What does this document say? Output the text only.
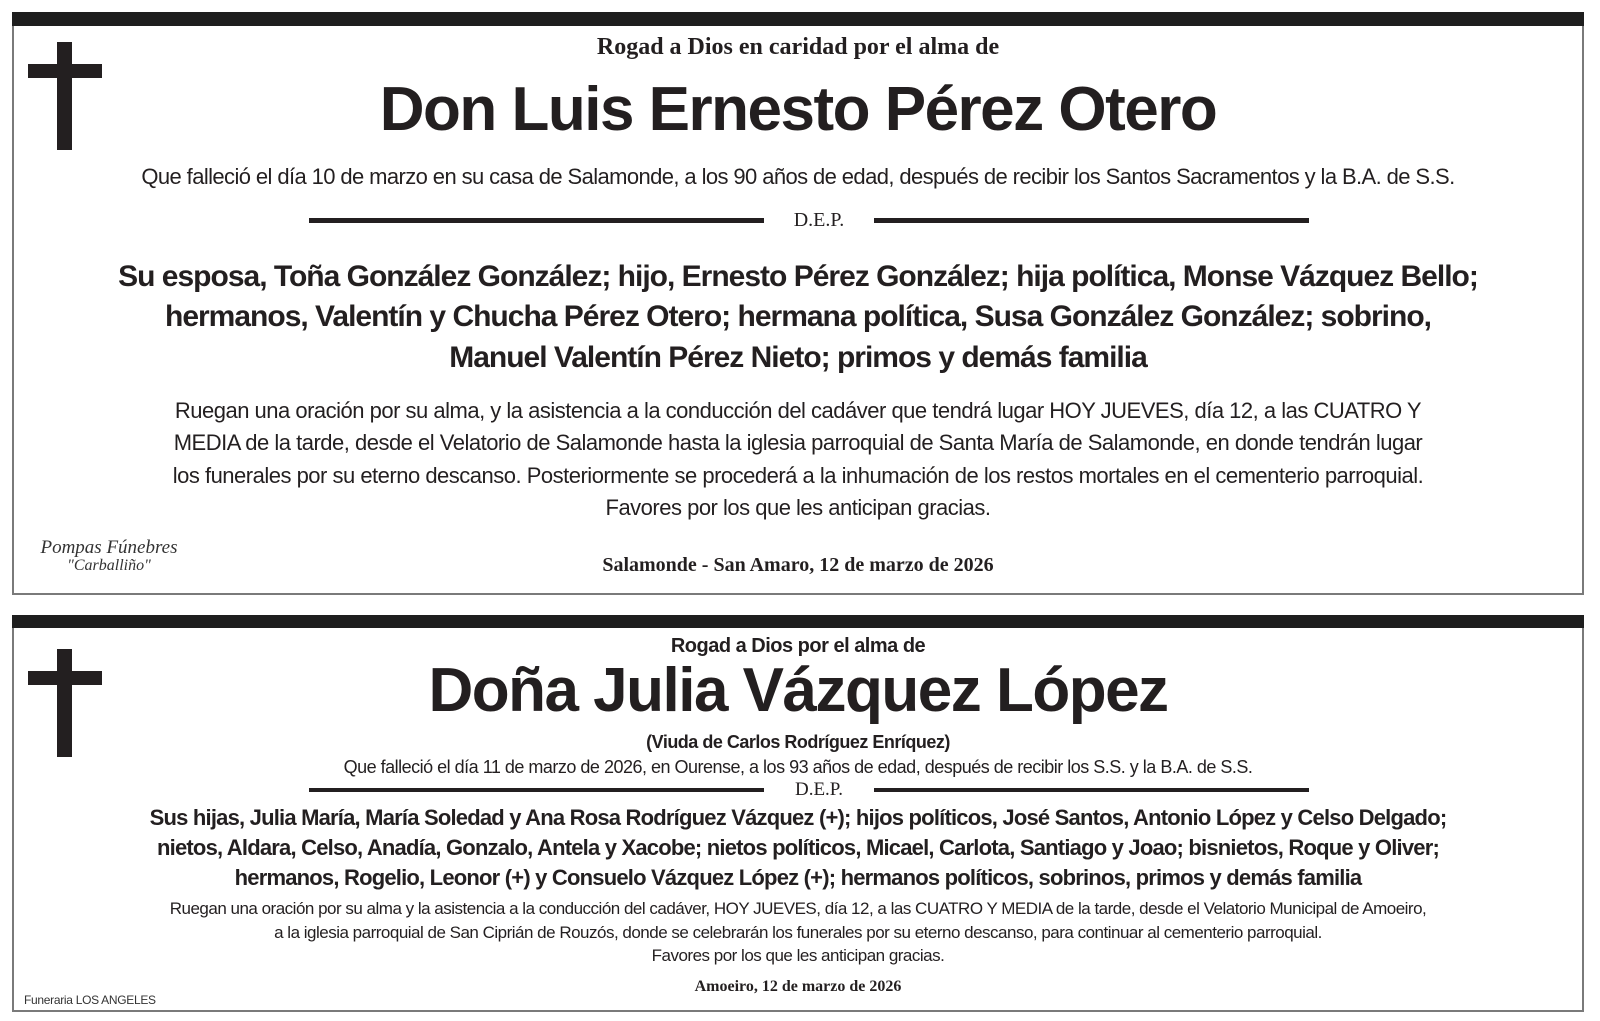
Rogad a Dios en caridad por el alma de
Don Luis Ernesto Pérez Otero
Que falleció el día 10 de marzo en su casa de Salamonde, a los 90 años de edad, después de recibir los Santos Sacramentos y la B.A. de S.S.
D.E.P.
Su esposa, Toña González González; hijo, Ernesto Pérez González; hija política, Monse Vázquez Bello;
hermanos, Valentín y Chucha Pérez Otero; hermana política, Susa González González; sobrino,
Manuel Valentín Pérez Nieto; primos y demás familia
Ruegan una oración por su alma, y la asistencia a la conducción del cadáver que tendrá lugar HOY JUEVES, día 12, a las CUATRO Y
MEDIA de la tarde, desde el Velatorio de Salamonde hasta la iglesia parroquial de Santa María de Salamonde, en donde tendrán lugar
los funerales por su eterno descanso. Posteriormente se procederá a la inhumación de los restos mortales en el cementerio parroquial.
Favores por los que les anticipan gracias.
Salamonde - San Amaro, 12 de marzo de 2026
Pompas Fúnebres
"Carballiño"
Rogad a Dios por el alma de
Doña Julia Vázquez López
(Viuda de Carlos Rodríguez Enríquez)
Que falleció el día 11 de marzo de 2026, en Ourense, a los 93 años de edad, después de recibir los S.S. y la B.A. de S.S.
D.E.P.
Sus hijas, Julia María, María Soledad y Ana Rosa Rodríguez Vázquez (+); hijos políticos, José Santos, Antonio López y Celso Delgado;
nietos, Aldara, Celso, Anadía, Gonzalo, Antela y Xacobe; nietos políticos, Micael, Carlota, Santiago y Joao; bisnietos, Roque y Oliver;
hermanos, Rogelio, Leonor (+) y Consuelo Vázquez López (+); hermanos políticos, sobrinos, primos y demás familia
Ruegan una oración por su alma y la asistencia a la conducción del cadáver, HOY JUEVES, día 12, a las CUATRO Y MEDIA de la tarde, desde el Velatorio Municipal de Amoeiro,
a la iglesia parroquial de San Ciprián de Rouzós, donde se celebrarán los funerales por su eterno descanso, para continuar al cementerio parroquial.
Favores por los que les anticipan gracias.
Amoeiro, 12 de marzo de 2026
Funeraria LOS ANGELES
